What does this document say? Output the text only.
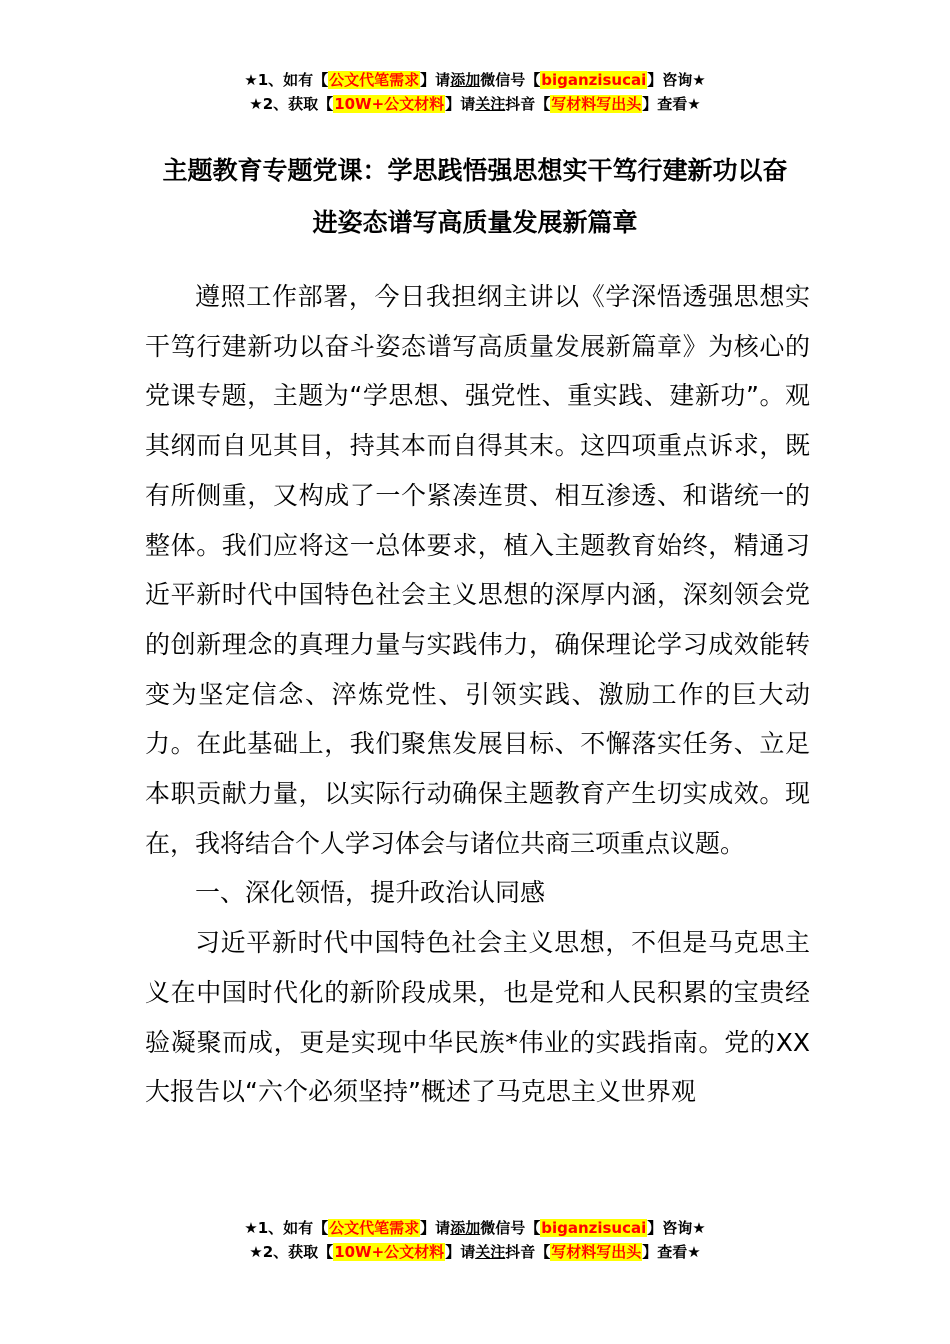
★1、如有【公文代笔需求】请添加微信号【biganzisucai】咨询★
★2、获取【10W+公文材料】请关注抖音【写材料写出头】查看★
主题教育专题党课：学思践悟强思想实干笃行建新功以奋
进姿态谱写高质量发展新篇章

遵照工作部署，今日我担纲主讲以《学深悟透强思想实干笃行建新功以奋斗姿态谱写高质量发展新篇章》为核心的党课专题，主题为“学思想、强党性、重实践、建新功”。观其纲而自见其目，持其本而自得其末。这四项重点诉求，既有所侧重，又构成了一个紧凑连贯、相互渗透、和谐统一的整体。我们应将这一总体要求，植入主题教育始终，精通习近平新时代中国特色社会主义思想的深厚内涵，深刻领会党的创新理念的真理力量与实践伟力，确保理论学习成效能转变为坚定信念、淬炼党性、引领实践、激励工作的巨大动力。在此基础上，我们聚焦发展目标、不懈落实任务、立足本职贡献力量，以实际行动确保主题教育产生切实成效。现在，我将结合个人学习体会与诸位共商三项重点议题。

一、深化领悟，提升政治认同感

习近平新时代中国特色社会主义思想，不但是马克思主义在中国时代化的新阶段成果，也是党和人民积累的宝贵经验凝聚而成，更是实现中华民族*伟业的实践指南。党的XX大报告以“六个必须坚持”概述了马克思主义世界观

★1、如有【公文代笔需求】请添加微信号【biganzisucai】咨询★
★2、获取【10W+公文材料】请关注抖音【写材料写出头】查看★
